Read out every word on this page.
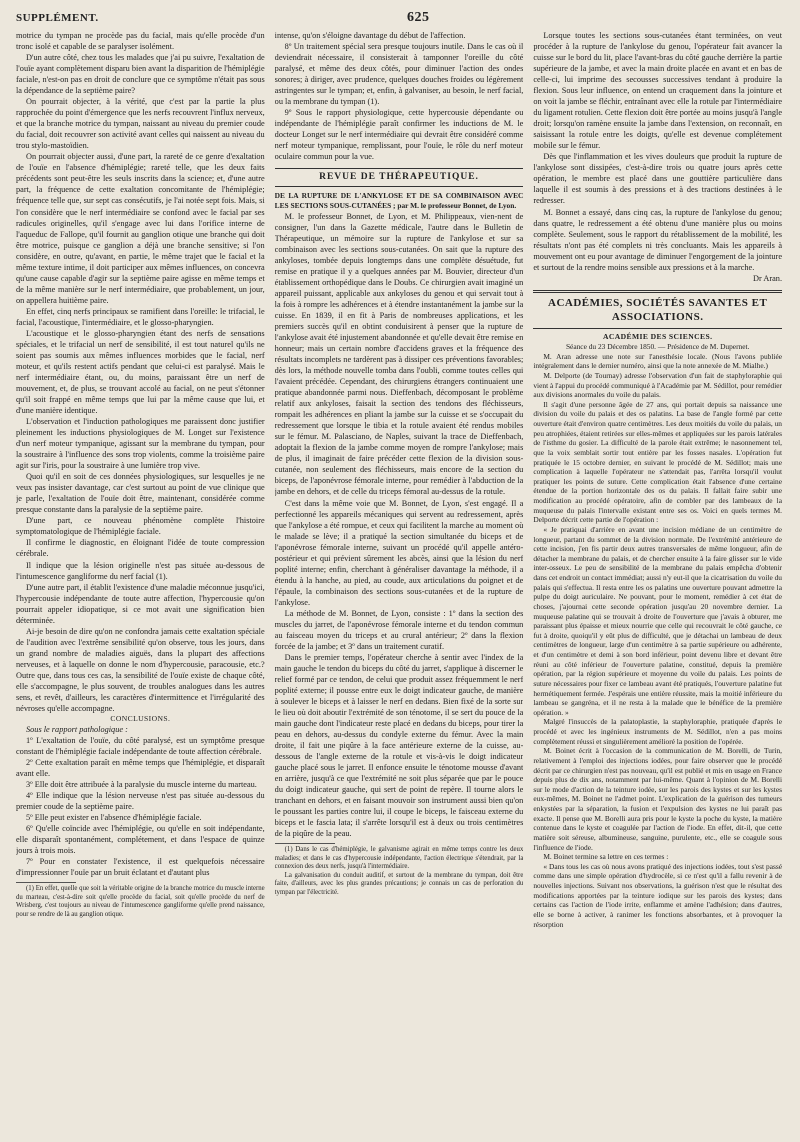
SUPPLÉMENT.	625

motrice du tympan ne procède pas du facial, mais qu'elle procède d'un tronc isolé et capable de se paralyser isolément.

D'un autre côté, chez tous les malades que j'ai pu suivre, l'exaltation de l'ouïe ayant complètement disparu bien avant la disparition de l'hémiplégie faciale, n'est-on pas en droit de conclure que ce symptôme n'était pas sous la dépendance de la septième paire?

On pourrait objecter, à la vérité, que c'est par la partie la plus rapprochée du point d'émergence que les nerfs recouvrent l'influx nerveux, et que la branche motrice du tympan, naissant au niveau du premier coude du facial, doit recouvrer son activité avant celles qui naissent au niveau du trou stylo-mastoïdien.

On pourrait objecter aussi, d'une part, la rareté de ce genre d'exaltation de l'ouïe en l'absence d'hémiplégie; rareté telle, que les deux faits précédents sont peut-être les seuls inscrits dans la science; et, d'une autre part, la fréquence de cette exaltation concomitante de l'hémiplégie; fréquence telle que, sur sept cas consécutifs, je l'ai notée sept fois. Mais, si l'on considère que le nerf intermédiaire se confond avec le facial par ses radicules originelles, qu'il s'engage avec lui dans l'orifice interne de l'aqueduc de Fallope, qu'il fournit au ganglion otique une branche qui doit être motrice, puisque ce ganglion a déjà une branche sensitive; si l'on considère, en outre, qu'avant, en partie, le même trajet que le facial et la même texture intime, il doit participer aux mêmes influences, on concevra qu'une cause capable d'agir sur la septième paire agisse en même temps et de la même manière sur le nerf intermédiaire, que probablement, un jour, on appellera huitième paire.

En effet, cinq nerfs principaux se ramifient dans l'oreille: le trifacial, le facial, l'acoustique, l'intermédiaire, et le glosso-pharyngien.

L'acoustique et le glosso-pharyngien étant des nerfs de sensations spéciales, et le trifacial un nerf de sensibilité, il est tout naturel qu'ils ne soient pas soumis aux mêmes influences morbides que le facial, nerf moteur, et qu'ils restent actifs pendant que celui-ci est paralysé. Mais le nerf intermédiaire étant, ou, du moins, paraissant être un nerf de mouvement, et, de plus, se trouvant accolé au facial, on ne peut s'étonner qu'il soit frappé en même temps que lui par la même cause que lui, et d'une manière identique.

L'observation et l'induction pathologiques me paraissent donc justifier pleinement les inductions physiologiques de M. Longet sur l'existence d'un nerf moteur tympanique, agissant sur la membrane du tympan, pour la soustraire à l'influence des sons trop violents, comme la troisième paire agit sur l'iris, pour la soustraire à une lumière trop vive.

Quoi qu'il en soit de ces données physiologiques, sur lesquelles je ne veux pas insister davantage, car c'est surtout au point de vue clinique que je parle, l'exaltation de l'ouïe doit être, maintenant, considérée comme presque constante dans la paralysie de la septième paire.

D'une part, ce nouveau phénomène complète l'histoire symptomatologique de l'hémiplégie faciale.

Il confirme le diagnostic, en éloignant l'idée de toute compression cérébrale.

Il indique que la lésion originelle n'est pas située au-dessous de l'intumescence gangliforme du nerf facial (1).

D'une autre part, il établit l'existence d'une maladie méconnue jusqu'ici, l'hypercousie indépendante de toute autre affection, l'hypercousie qu'on pourrait appeler idiopatique, si ce mot avait une signification bien déterminée.

Ai-je besoin de dire qu'on ne confondra jamais cette exaltation spéciale de l'audition avec l'extrême sensibilité qu'on observe, tous les jours, dans un grand nombre de maladies aiguës, dans la plupart des affections nerveuses, et à laquelle on donne le nom d'hypercousie, paracousie, etc.? Outre que, dans tous ces cas, la sensibilité de l'ouïe existe de chaque côté, elle s'accompagne, le plus souvent, de troubles analogues dans les autres sens, et revêt, d'ailleurs, les caractères d'intermittence et l'irrégularité des névroses qu'elle accompagne.

CONCLUSIONS.

Sous le rapport pathologique :

1º L'exaltation de l'ouïe, du côté paralysé, est un symptôme presque constant de l'hémiplégie faciale indépendante de toute affection cérébrale.

2º Cette exaltation paraît en même temps que l'hémiplégie, et disparaît avant elle.

3º Elle doit être attribuée à la paralysie du muscle interne du marteau.

4º Elle indique que la lésion nerveuse n'est pas située au-dessous du premier coude de la septième paire.

5º Elle peut exister en l'absence d'hémiplégie faciale.

6º Qu'elle coïncide avec l'hémiplégie, ou qu'elle en soit indépendante, elle disparaît spontanément, complétement, et dans l'espace de quinze jours à trois mois.

7º Pour en constater l'existence, il est quelquefois nécessaire d'impressionner l'ouïe par un bruit éclatant et d'autant plus

(1) En effet, quelle que soit la véritable origine de la branche motrice du muscle interne du marteau, c'est-à-dire soit qu'elle procède du facial, soit qu'elle procède du nerf de Wrisberg, c'est toujours au niveau de l'intumescence gangliforme qu'elle prend naissance, pour se rendre de là au ganglion otique.

intense, qu'on s'éloigne davantage du début de l'affection.

8º Un traitement spécial sera presque toujours inutile. Dans le cas où il deviendrait nécessaire, il consisterait à tamponner l'oreille du côté paralysé, et même des deux côtés, pour diminuer l'action des ondes sonores; à diriger, avec prudence, quelques douches froides ou légèrement astringentes sur le tympan; et, enfin, à galvaniser, au besoin, le nerf facial, ou la membrane du tympan (1).

9º Sous le rapport physiologique, cette hypercousie dépendante ou indépendante de l'hémiplégie paraît confirmer les inductions de M. le docteur Longet sur le nerf intermédiaire qui devrait être considéré comme nerf moteur tympanique, remplissant, pour l'ouïe, le rôle du nerf moteur oculaire commun pour la vue.

REVUE DE THÉRAPEUTIQUE.

DE LA RUPTURE DE L'ANKYLOSE ET DE SA COMBINAISON AVEC LES SECTIONS SOUS-CUTANÉES ; par M. le professeur Bonnet, de Lyon.

M. le professeur Bonnet, de Lyon, et M. Philippeaux, vien-nent de consigner, l'un dans la Gazette médicale, l'autre dans le Bulletin de Thérapeutique, un mémoire sur la rupture de l'ankylose et sur sa combinaison avec les sections sous-cutanées. On sait que la rupture des ankyloses, tombée depuis longtemps dans une complète désuétude, fut remise en pratique il y a quelques années par M. Bouvier, directeur d'un établissement orthopédique dans le Doubs. Ce chirurgien avait imaginé un appareil puissant, applicable aux ankyloses du genou et qui servait tout à la fois à rompre les adhérences et à étendre instantanément la jambe sur la cuisse. En 1839, il en fit à Paris de nombreuses applications, et les premiers succès qu'il en obtint conduisirent à penser que la rupture de l'ankylose avait été injustement abandonnée et qu'elle devait être remise en honneur; mais un certain nombre d'accidens graves et la fréquence des résultats incomplets ne tardèrent pas à dissiper ces préventions favorables; dès lors, la méthode nouvelle tomba dans l'oubli, comme toutes celles qui l'avaient précédée. Cependant, des chirurgiens étrangers continuaient une pratique abandonnée parmi nous. Dieffenbach, décomposant le problème relatif aux ankyloses, faisait la section des tendons des fléchisseurs, rompait les adhérences en pliant la jambe sur la cuisse et se s'occupait du redressement que lorsque le tibia et la rotule avaient été rendus mobiles sur le fémur. M. Palasciano, de Naples, suivant la trace de Dieffenbach, adoptait la flexion de la jambe comme moyen de rompre l'ankylose; mais de plus, il imaginait de faire précéder cette flexion de la division sous-cutanée, non seulement des fléchisseurs, mais encore de la section du biceps, de l'aponévrose fémorale interne, pour remédier à l'abduction de la jambe en dehors, et de celle du triceps fémoral au-dessus de la rotule.

C'est dans la même voie que M. Bonnet, de Lyon, s'est engagé. Il a perfectionné les appareils mécaniques qui servent au redressement, après que l'ankylose a été rompue, et ceux qui facilitent la marche au moment où le malade se lève; il a pratiqué la section simultanée du biceps et de l'aponévrose fémorale interne, suivant un procédé qu'il appelle antéro-postérieur et qui prévient sûrement les abcès, ainsi que la lésion du nerf poplité interne; enfin, cherchant à généraliser davantage la méthode, il a étendu à la hanche, au pied, au coude, aux articulations du poignet et de l'épaule, la combinaison des sections sous-cutanées et de la rupture de l'ankylose.

La méthode de M. Bonnet, de Lyon, consiste : 1º dans la section des muscles du jarret, de l'aponévrose fémorale interne et du tendon commun au faisceau moyen du triceps et au crural antérieur; 2º dans la flexion forcée de la jambe; et 3º dans un traitement curatif.

Dans le premier temps, l'opérateur cherche à sentir avec l'index de la main gauche le tendon du biceps du côté du jarret, s'applique à discerner le relief formé par ce tendon, de celui que produit assez fréquemment le nerf poplité externe; il pousse entre eux le doigt indicateur gauche, de manière à soulever le biceps et à laisser le nerf en dedans. Bien fixé de la sorte sur le lieu où doit aboutir l'extrémité de son ténotome, il se sert du pouce de la main gauche dont l'indicateur reste placé en dedans du biceps, pour tirer la peau en dehors, au-dessus du condyle externe du fémur. Avec la main droite, il fait une piqûre à la face antérieure externe de la cuisse, au-dessous de l'angle externe de la rotule et vis-à-vis le doigt indicateur gauche placé sous le jarret. Il enfonce ensuite le ténotome mousse d'avant en arrière, jusqu'à ce que l'extrémité ne soit plus séparée que par le pouce du doigt indicateur gauche, qui sert de point de repère. Il tourne alors le tranchant en dehors, et en faisant mouvoir son instrument aussi bien qu'on le poussant les parties contre lui, il coupe le biceps, le faisceau externe du biceps et le fascia lata; il s'arrête lorsqu'il est à deux ou trois centimètres de la piqûre de la peau.

(1) Dans le cas d'hémiplégie, le galvanisme agirait en même temps contre les deux maladies; et dans le cas d'hypercousie indépendante, l'action électrique s'étendrait, par la connexion des deux nerfs, jusqu'à l'intermédiaire.

La galvanisation du conduit auditif, et surtout de la membrane du tympan, doit être faite, d'ailleurs, avec les plus grandes précautions; je connais un cas de perforation du tympan par l'électricité.

Lorsque toutes les sections sous-cutanées étant terminées, on veut procéder à la rupture de l'ankylose du genou, l'opérateur fait avancer la cuisse sur le bord du lit, place l'avant-bras du côté gauche derrière la partie supérieure de la jambe, et avec la main droite placée en avant et en bas de celle-ci, lui imprime des secousses successives tendant à produire la flexion. Sous leur influence, on entend un craquement dans la jointure et on voit la jambe se fléchir, entraînant avec elle la rotule par l'intermédiaire du ligament rotulien. Cette flexion doit être portée au moins jusqu'à l'angle droit; lorsqu'on ramène ensuite la jambe dans l'extension, on reconnaît, en saisissant la rotule entre les doigts, qu'elle est devenue complétement mobile sur le fémur.

Dès que l'inflammation et les vives douleurs que produit la rupture de l'ankylose sont dissipées, c'est-à-dire trois ou quatre jours après cette opération, le membre est placé dans une gouttière particulière dans laquelle il est soumis à des pressions et à des tractions destinées à le redresser.

M. Bonnet a essayé, dans cinq cas, la rupture de l'ankylose du genou; dans quatre, le redressement a été obtenu d'une manière plus ou moins complète. Seulement, sous le rapport du rétablissement de la mobilité, les résultats n'ont pas été complets ni très concluants. Mais les appareils à mouvement ont eu pour avantage de diminuer l'engorgement de la jointure et surtout de la rendre moins sensible aux pressions et à la marche.

Dr Aran.

ACADÉMIES, SOCIÉTÉS SAVANTES ET ASSOCIATIONS.

ACADÉMIE DES SCIENCES.

Séance du 23 Décembre 1850. — Présidence de M. Dupernet.

M. Aran adresse une note sur l'anesthésie locale. (Nous l'avons publiée intégralement dans le dernier numéro, ainsi que la note annexée de M. Mialhe.)

M. Delporte (de Tournay) adresse l'observation d'un fait de staphyloraphie qui vient à l'appui du procédé communiqué à l'Académie par M. Sédillot, pour remédier aux divisions anormales du voile du palais.

Il s'agit d'une personne âgée de 27 ans, qui portait depuis sa naissance une division du voile du palais et des os palatins. La base de l'angle formé par cette ouverture était d'environ quatre centimètres. Les deux moitiés du voile du palais, un peu atrophiées, étaient retirées sur elles-mêmes et appliquées sur les parois latérales de l'isthme du gosier. La difficulté de la parole était extrême; le nasonnement tel, que la voix semblait sortir tout entière par les fosses nasales. L'opération fut pratiquée le 15 octobre dernier, en suivant le procédé de M. Sédillot; mais une complication à laquelle l'opérateur ne s'attendait pas, l'arrêta lorsqu'il voulut pratiquer les points de suture. Cette complication était l'absence d'une certaine étendue de la portion horizontale des os du palais. Il fallait faire subir une modification au procédé opératoire, afin de combler par des lambeaux de la muqueuse du palais l'intervalle existant entre ses os. Voici en quels termes M. Delporte décrit cette partie de l'opération :

« Je pratiquai d'arrière en avant une incision médiane de un centimètre de longueur, partant du sommet de la division normale. De l'extrémité antérieure de cette incision, j'en fis partir deux autres transversales de même longueur, afin de détacher la membrane du palais, et de chercher ensuite à la faire glisser sur le vide inter-osseux. Le peu de sensibilité de la membrane du palais empêcha d'obtenir dans cet endroit un contact immédiat; aussi n'y eut-il que la cicatrisation du voile du palais qui s'effectua. Il resta entre les os palatins une ouverture pouvant admettre la pulpe du doigt auriculaire. Ne pouvant, pour le moment, remédier à cet état de choses, j'ajournai cette seconde opération jusqu'au 20 novembre dernier. La muqueuse palatine qui se trouvait à droite de l'ouverture que j'avais à obturer, me paraissant plus épaisse et mieux nourrie que celle qui recouvrait le côté gauche, ce fut à droite, quoiqu'il y eût plus de difficulté, que je détachai un lambeau de deux centimètres de longueur, large d'un centimètre à sa partie supérieure ou adhérente, et d'un centimètre et demi à son bord inférieur, point devenu libre et devant être réuni au côté inférieur de l'ouverture palatine, constitué, depuis la première opération, par la région supérieure et moyenne du voile du palais. Les points de suture nécessaires pour fixer ce lambeau avant été pratiqués, l'ouverture palatine fut hermétiquement fermée. J'espérais une entière réussite, mais la moitié inférieure du lambeau se gangréna, et il ne resta à la malade que le bénéfice de la première opération. »

Malgré l'insuccès de la palatoplastie, la staphyloraphie, pratiquée d'après le procédé et avec les ingénieux instruments de M. Sédillot, n'en a pas moins complètement réussi et singulièrement amélioré la position de l'opérée.

M. Boinet écrit à l'occasion de la communication de M. Borelli, de Turin, relativement à l'emploi des injections iodées, pour faire observer que le procédé décrit par ce chirurgien n'est pas nouveau, qu'il est publié et mis en usage en France depuis plus de dix ans, notamment par lui-même. Quant à l'opinion de M. Borelli sur le mode d'action de la teinture iodée, sur les parois des kystes et sur les kystes eux-mêmes, M. Boinet ne l'admet point. L'explication de la guérison des tumeurs enkystées par la séparation, la fusion et l'expulsion des kystes ne lui paraît pas exacte. Il pense que M. Borelli aura pris pour le kyste la poche du kyste, la matière contenue dans le kyste et coagulée par l'action de l'iode. En effet, dit-il, que cette matière soit séreuse, albumineuse, sanguine, purulente, etc., elle se coagule sous l'influence de l'iode.

M. Boinet termine sa lettre en ces termes :

« Dans tous les cas où nous avons pratiqué des injections iodées, tout s'est passé comme dans une simple opération d'hydrocèle, si ce n'est qu'il a fallu revenir à de nouvelles injections. Suivant nos observations, la guérison n'est que le résultat des modifications apportées par la teinture iodique sur les parois des kystes; dans certains cas l'action de l'iode irrite, enflamme et amène l'adhésion; dans d'autres, elle se borne à activer, à ranimer les fonctions absorbantes, et à provoquer la résorption
